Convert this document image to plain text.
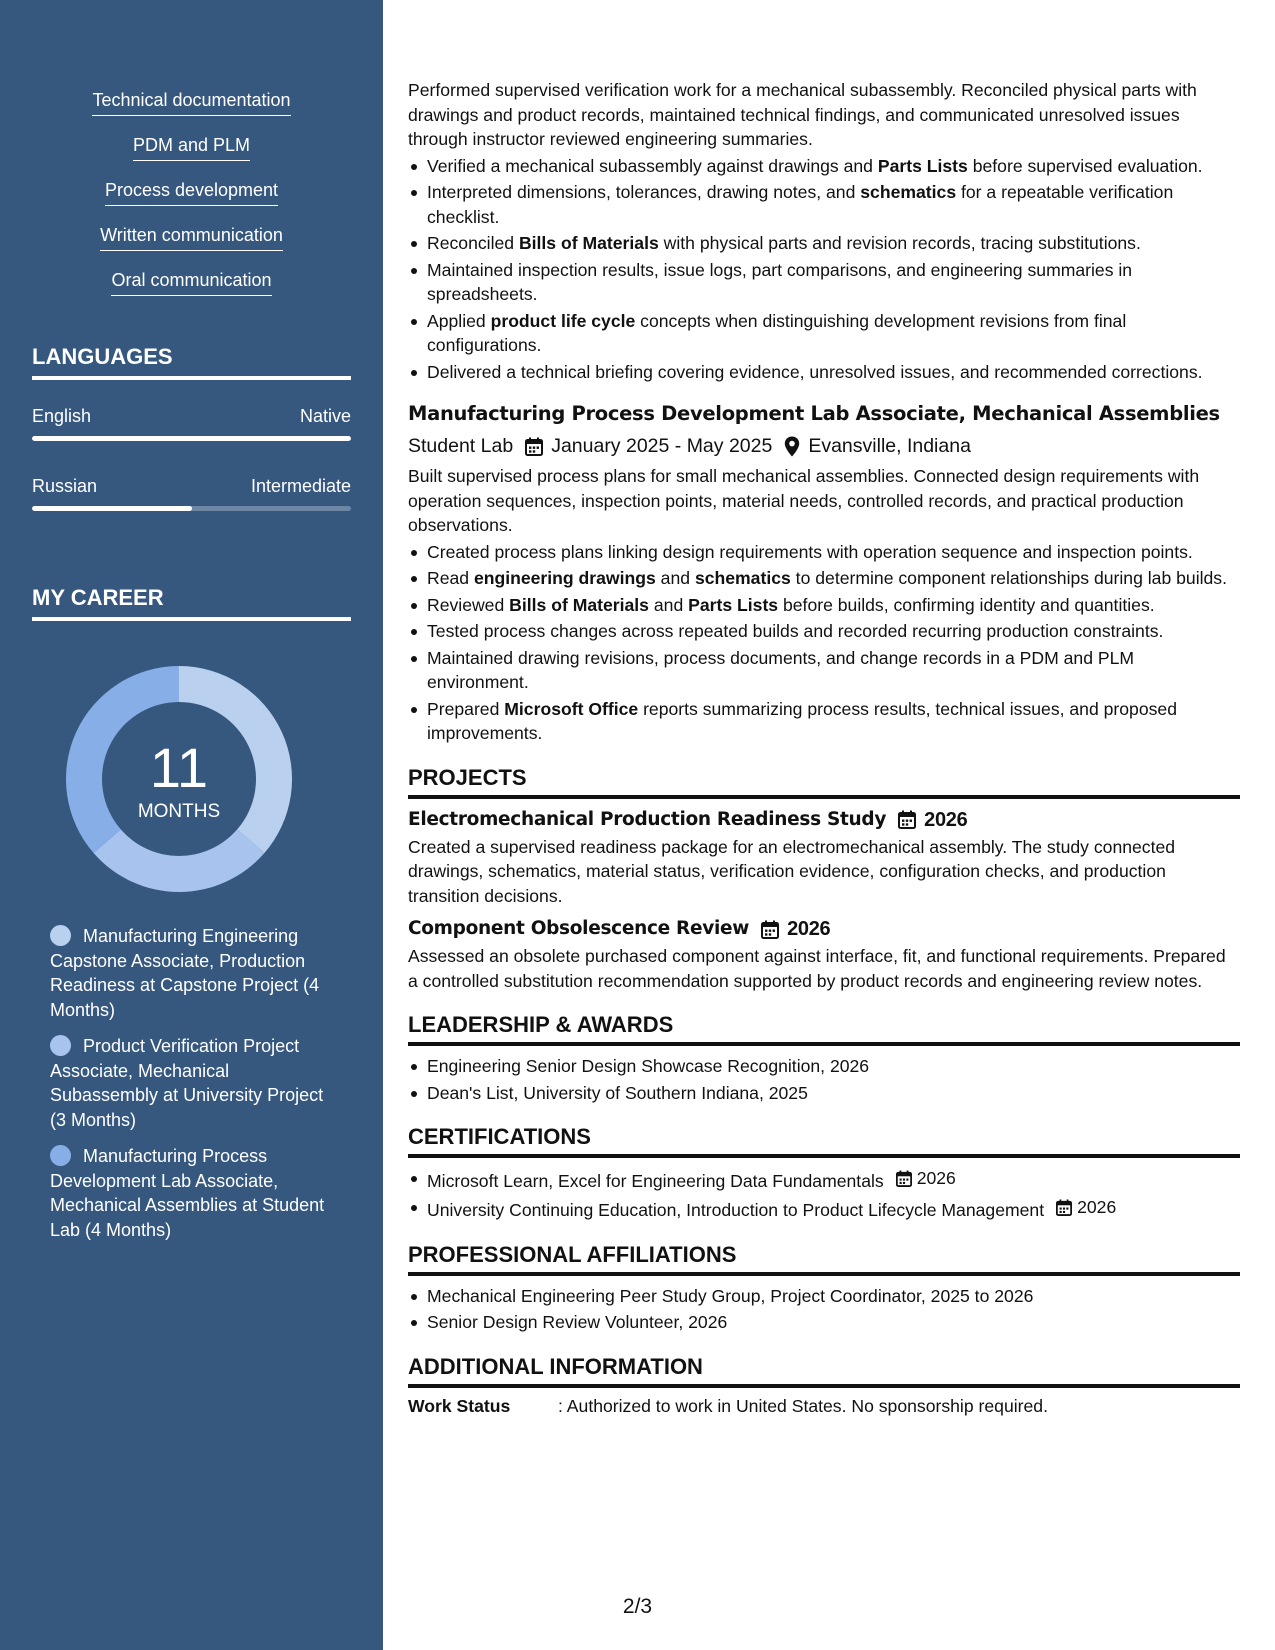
Technical documentation
PDM and PLM
Process development
Written communication
Oral communication
LANGUAGES
English	Native
Russian	Intermediate
MY CAREER
11
MONTHS
Manufacturing Engineering Capstone Associate, Production Readiness at Capstone Project (4 Months)
Product Verification Project Associate, Mechanical Subassembly at University Project (3 Months)
Manufacturing Process Development Lab Associate, Mechanical Assemblies at Student Lab (4 Months)

Performed supervised verification work for a mechanical subassembly. Reconciled physical parts with drawings and product records, maintained technical findings, and communicated unresolved issues through instructor reviewed engineering summaries.

Verified a mechanical subassembly against drawings and Parts Lists before supervised evaluation.
Interpreted dimensions, tolerances, drawing notes, and schematics for a repeatable verification checklist.
Reconciled Bills of Materials with physical parts and revision records, tracing substitutions.
Maintained inspection results, issue logs, part comparisons, and engineering summaries in spreadsheets.
Applied product life cycle concepts when distinguishing development revisions from final configurations.
Delivered a technical briefing covering evidence, unresolved issues, and recommended corrections.
Manufacturing Process Development Lab Associate, Mechanical Assemblies
Student Lab January 2025 - May 2025 Evansville, Indiana

Built supervised process plans for small mechanical assemblies. Connected design requirements with operation sequences, inspection points, material needs, controlled records, and practical production observations.

Created process plans linking design requirements with operation sequence and inspection points.
Read engineering drawings and schematics to determine component relationships during lab builds.
Reviewed Bills of Materials and Parts Lists before builds, confirming identity and quantities.
Tested process changes across repeated builds and recorded recurring production constraints.
Maintained drawing revisions, process documents, and change records in a PDM and PLM environment.
Prepared Microsoft Office reports summarizing process results, technical issues, and proposed improvements.
PROJECTS
Electromechanical Production Readiness Study 2026

Created a supervised readiness package for an electromechanical assembly. The study connected drawings, schematics, material status, verification evidence, configuration checks, and production transition decisions.

Component Obsolescence Review 2026

Assessed an obsolete purchased component against interface, fit, and functional requirements. Prepared a controlled substitution recommendation supported by product records and engineering review notes.

LEADERSHIP & AWARDS
Engineering Senior Design Showcase Recognition, 2026
Dean's List, University of Southern Indiana, 2025
CERTIFICATIONS
Microsoft Learn, Excel for Engineering Data Fundamentals 2026
University Continuing Education, Introduction to Product Lifecycle Management 2026
PROFESSIONAL AFFILIATIONS
Mechanical Engineering Peer Study Group, Project Coordinator, 2025 to 2026
Senior Design Review Volunteer, 2026
ADDITIONAL INFORMATION
Work Status	: Authorized to work in United States. No sponsorship required.
2/3
